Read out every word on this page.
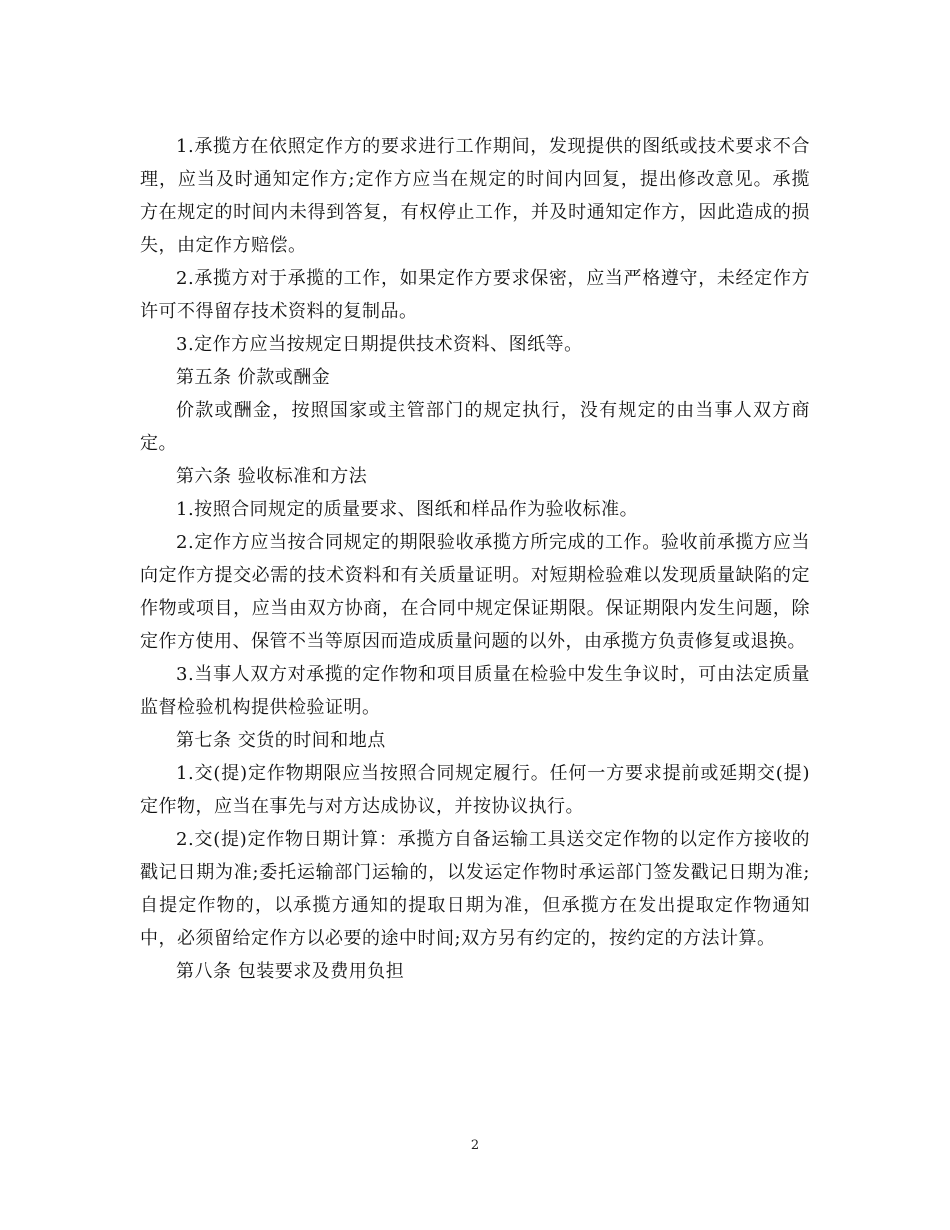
1.承揽方在依照定作方的要求进行工作期间，发现提供的图纸或技术要求不合理，应当及时通知定作方;定作方应当在规定的时间内回复，提出修改意见。承揽方在规定的时间内未得到答复，有权停止工作，并及时通知定作方，因此造成的损失，由定作方赔偿。

2.承揽方对于承揽的工作，如果定作方要求保密，应当严格遵守，未经定作方许可不得留存技术资料的复制品。

3.定作方应当按规定日期提供技术资料、图纸等。

第五条 价款或酬金

价款或酬金，按照国家或主管部门的规定执行，没有规定的由当事人双方商定。

第六条 验收标准和方法

1.按照合同规定的质量要求、图纸和样品作为验收标准。

2.定作方应当按合同规定的期限验收承揽方所完成的工作。验收前承揽方应当向定作方提交必需的技术资料和有关质量证明。对短期检验难以发现质量缺陷的定作物或项目，应当由双方协商，在合同中规定保证期限。保证期限内发生问题，除定作方使用、保管不当等原因而造成质量问题的以外，由承揽方负责修复或退换。

3.当事人双方对承揽的定作物和项目质量在检验中发生争议时，可由法定质量监督检验机构提供检验证明。

第七条 交货的时间和地点

1.交(提)定作物期限应当按照合同规定履行。任何一方要求提前或延期交(提)定作物，应当在事先与对方达成协议，并按协议执行。

2.交(提)定作物日期计算：承揽方自备运输工具送交定作物的以定作方接收的戳记日期为准;委托运输部门运输的，以发运定作物时承运部门签发戳记日期为准;自提定作物的，以承揽方通知的提取日期为准，但承揽方在发出提取定作物通知中，必须留给定作方以必要的途中时间;双方另有约定的，按约定的方法计算。

第八条 包装要求及费用负担

2
